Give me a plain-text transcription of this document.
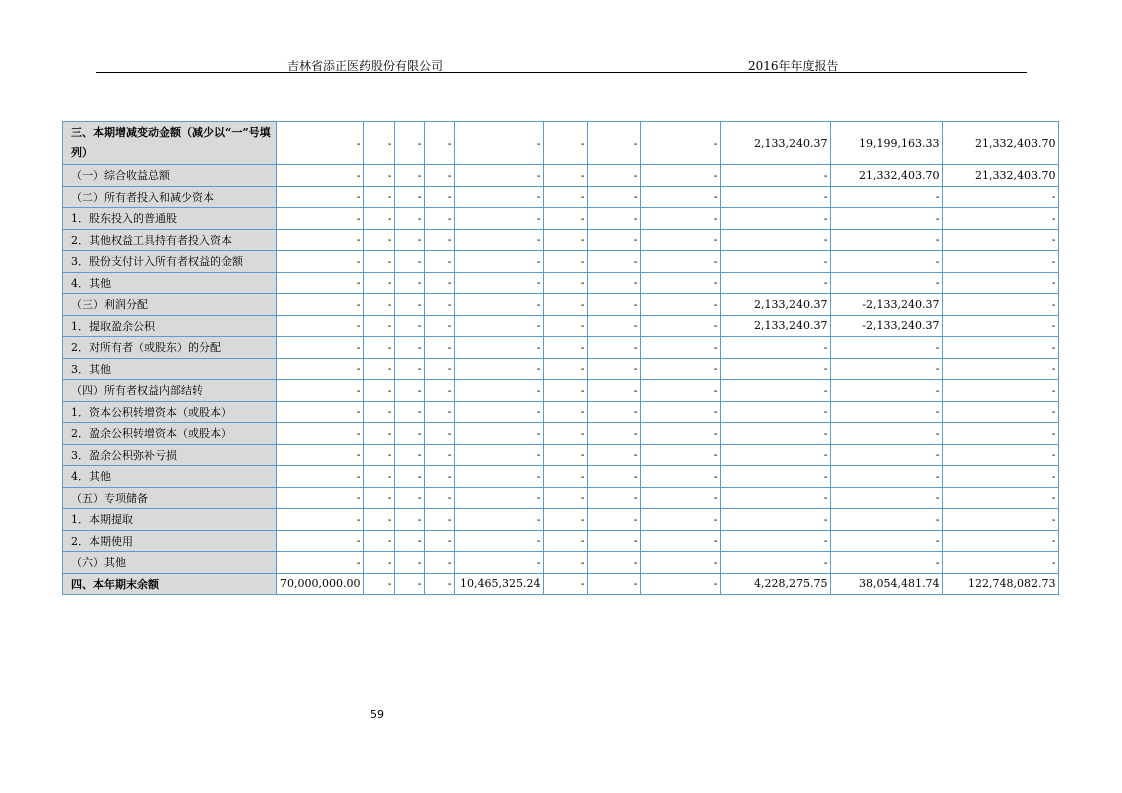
吉林省添正医药股份有限公司	2016年年度报告
三、本期增减变动金额（减少以“一”号填列）	-	-	-	-	-	-	-	-	2,133,240.37	19,199,163.33	21,332,403.70
（一）综合收益总额	-	-	-	-	-	-	-	-	-	21,332,403.70	21,332,403.70
（二）所有者投入和减少资本	-	-	-	-	-	-	-	-	-	-	-
1．股东投入的普通股	-	-	-	-	-	-	-	-	-	-	-
2．其他权益工具持有者投入资本	-	-	-	-	-	-	-	-	-	-	-
3．股份支付计入所有者权益的金额	-	-	-	-	-	-	-	-	-	-	-
4．其他	-	-	-	-	-	-	-	-	-	-	-
（三）利润分配	-	-	-	-	-	-	-	-	2,133,240.37	-2,133,240.37	-
1．提取盈余公积	-	-	-	-	-	-	-	-	2,133,240.37	-2,133,240.37	-
2．对所有者（或股东）的分配	-	-	-	-	-	-	-	-	-	-	-
3．其他	-	-	-	-	-	-	-	-	-	-	-
（四）所有者权益内部结转	-	-	-	-	-	-	-	-	-	-	-
1．资本公积转增资本（或股本）	-	-	-	-	-	-	-	-	-	-	-
2．盈余公积转增资本（或股本）	-	-	-	-	-	-	-	-	-	-	-
3．盈余公积弥补亏损	-	-	-	-	-	-	-	-	-	-	-
4．其他	-	-	-	-	-	-	-	-	-	-	-
（五）专项储备	-	-	-	-	-	-	-	-	-	-	-
1．本期提取	-	-	-	-	-	-	-	-	-	-	-
2．本期使用	-	-	-	-	-	-	-	-	-	-	-
（六）其他	-	-	-	-	-	-	-	-	-	-	-
四、本年期末余额	70,000,000.00	-	-	-	10,465,325.24	-	-	-	4,228,275.75	38,054,481.74	122,748,082.73
59
